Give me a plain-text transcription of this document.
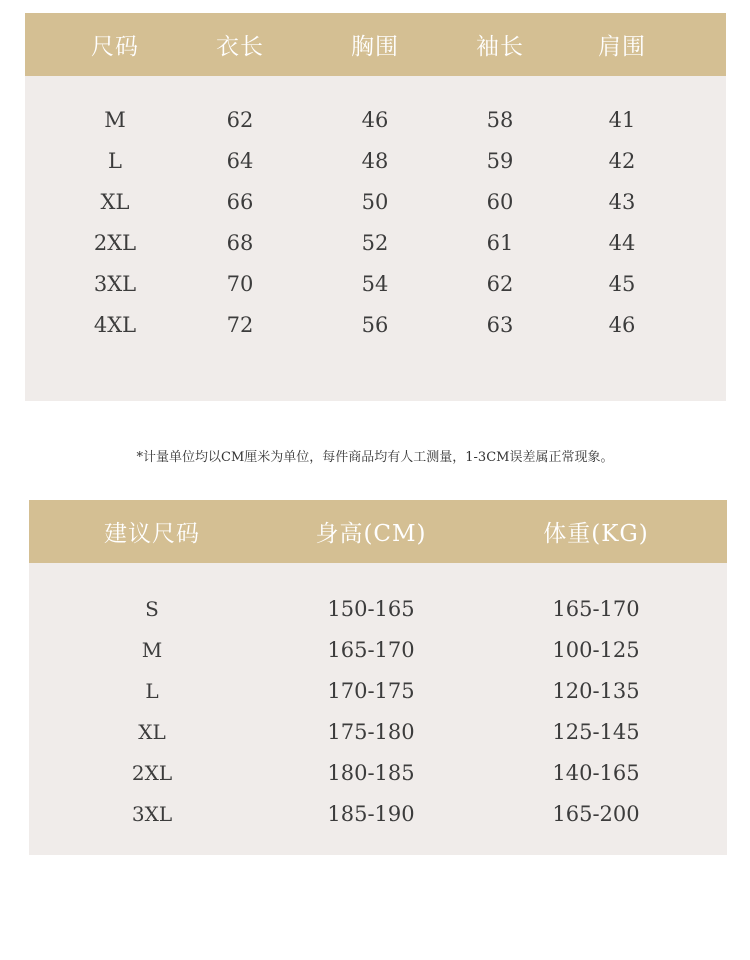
尺码	衣长	胸围	袖长	肩围
M	62	46	58	41
L	64	48	59	42
XL	66	50	60	43
2XL	68	52	61	44
3XL	70	54	62	45
4XL	72	56	63	46
*计量单位均以CM厘米为单位，每件商品均有人工测量，1-3CM误差属正常现象。
建议尺码	身高(CM)	体重(KG)
S	150-165	165-170
M	165-170	100-125
L	170-175	120-135
XL	175-180	125-145
2XL	180-185	140-165
3XL	185-190	165-200
